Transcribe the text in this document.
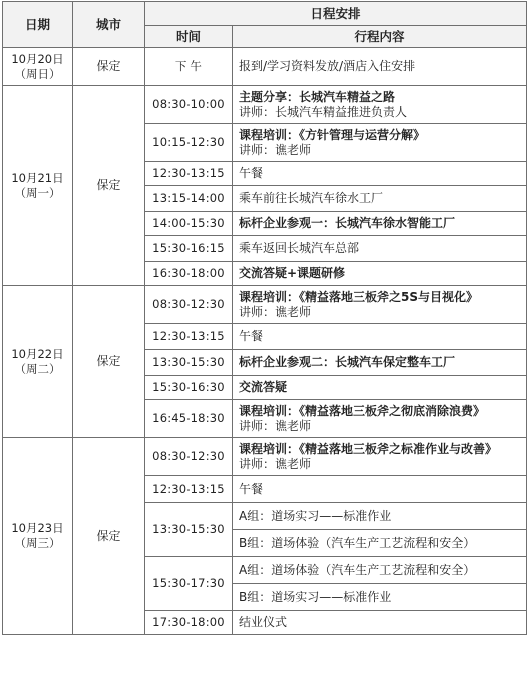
日期	城市	日程安排	
		时间	行程内容

10月20日
（周日）	保定	下 午	报到/学习资料发放/酒店入住安排

10月21日
（周一）	保定	08:30-10:00	主题分享：长城汽车精益之路
讲师：长城汽车精益推进负责人

		10:15-12:30	课程培训：《方针管理与运营分解》
讲师：谯老师

		12:30-13:15	午餐

		13:15-14:00	乘车前往长城汽车徐水工厂

		14:00-15:30	标杆企业参观一：长城汽车徐水智能工厂

		15:30-16:15	乘车返回长城汽车总部

		16:30-18:00	交流答疑+课题研修

10月22日
（周二）	保定	08:30-12:30	课程培训：《精益落地三板斧之5S与目视化》
讲师：谯老师

		12:30-13:15	午餐

		13:30-15:30	标杆企业参观二：长城汽车保定整车工厂

		15:30-16:30	交流答疑

		16:45-18:30	课程培训：《精益落地三板斧之彻底消除浪费》
讲师：谯老师

10月23日
（周三）	保定	08:30-12:30	课程培训：《精益落地三板斧之标准作业与改善》
讲师：谯老师

		12:30-13:15	午餐

		13:30-15:30	A组：道场实习——标准作业

			B组：道场体验（汽车生产工艺流程和安全）

		15:30-17:30	A组：道场体验（汽车生产工艺流程和安全）

			B组：道场实习——标准作业

		17:30-18:00	结业仪式
